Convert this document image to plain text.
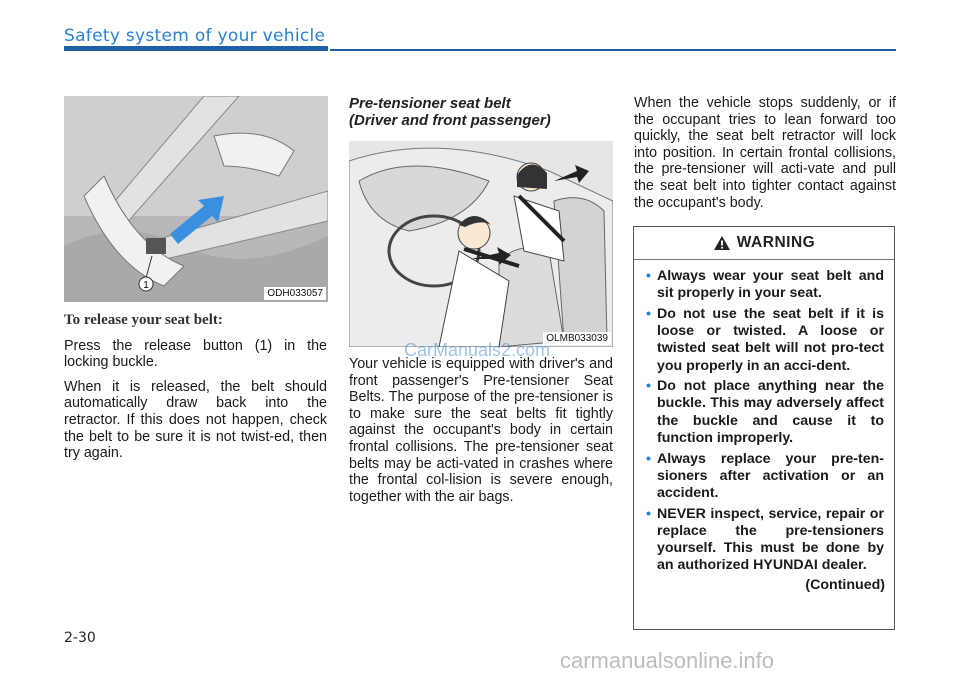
Safety system of your vehicle
1
ODH033057
To release your seat belt:

Press the release button (1) in the locking buckle.

When it is released, the belt should automatically draw back into the retractor. If this does not happen, check the belt to be sure it is not twist-ed, then try again.

Pre-tensioner seat belt
(Driver and front passenger)
OLMB033039

Your vehicle is equipped with driver's and front passenger's Pre-tensioner Seat Belts. The purpose of the pre-tensioner is to make sure the seat belts fit tightly against the occupant's body in certain frontal collisions. The pre-tensioner seat belts may be acti-vated in crashes where the frontal col-lision is severe enough, together with the air bags.

When the vehicle stops suddenly, or if the occupant tries to lean forward too quickly, the seat belt retractor will lock into position. In certain frontal collisions, the pre-tensioner will acti-vate and pull the seat belt into tighter contact against the occupant's body.

WARNING
• Always wear your seat belt and sit properly in your seat.
• Do not use the seat belt if it is loose or twisted. A loose or twisted seat belt will not pro-tect you properly in an acci-dent.
• Do not place anything near the buckle. This may adversely affect the buckle and cause it to function improperly.
• Always replace your pre-ten-sioners after activation or an accident.
• NEVER inspect, service, repair or replace the pre-tensioners yourself. This must be done by an authorized HYUNDAI dealer.
(Continued)
2-30
CarManuals2.com
carmanualsonline.info
